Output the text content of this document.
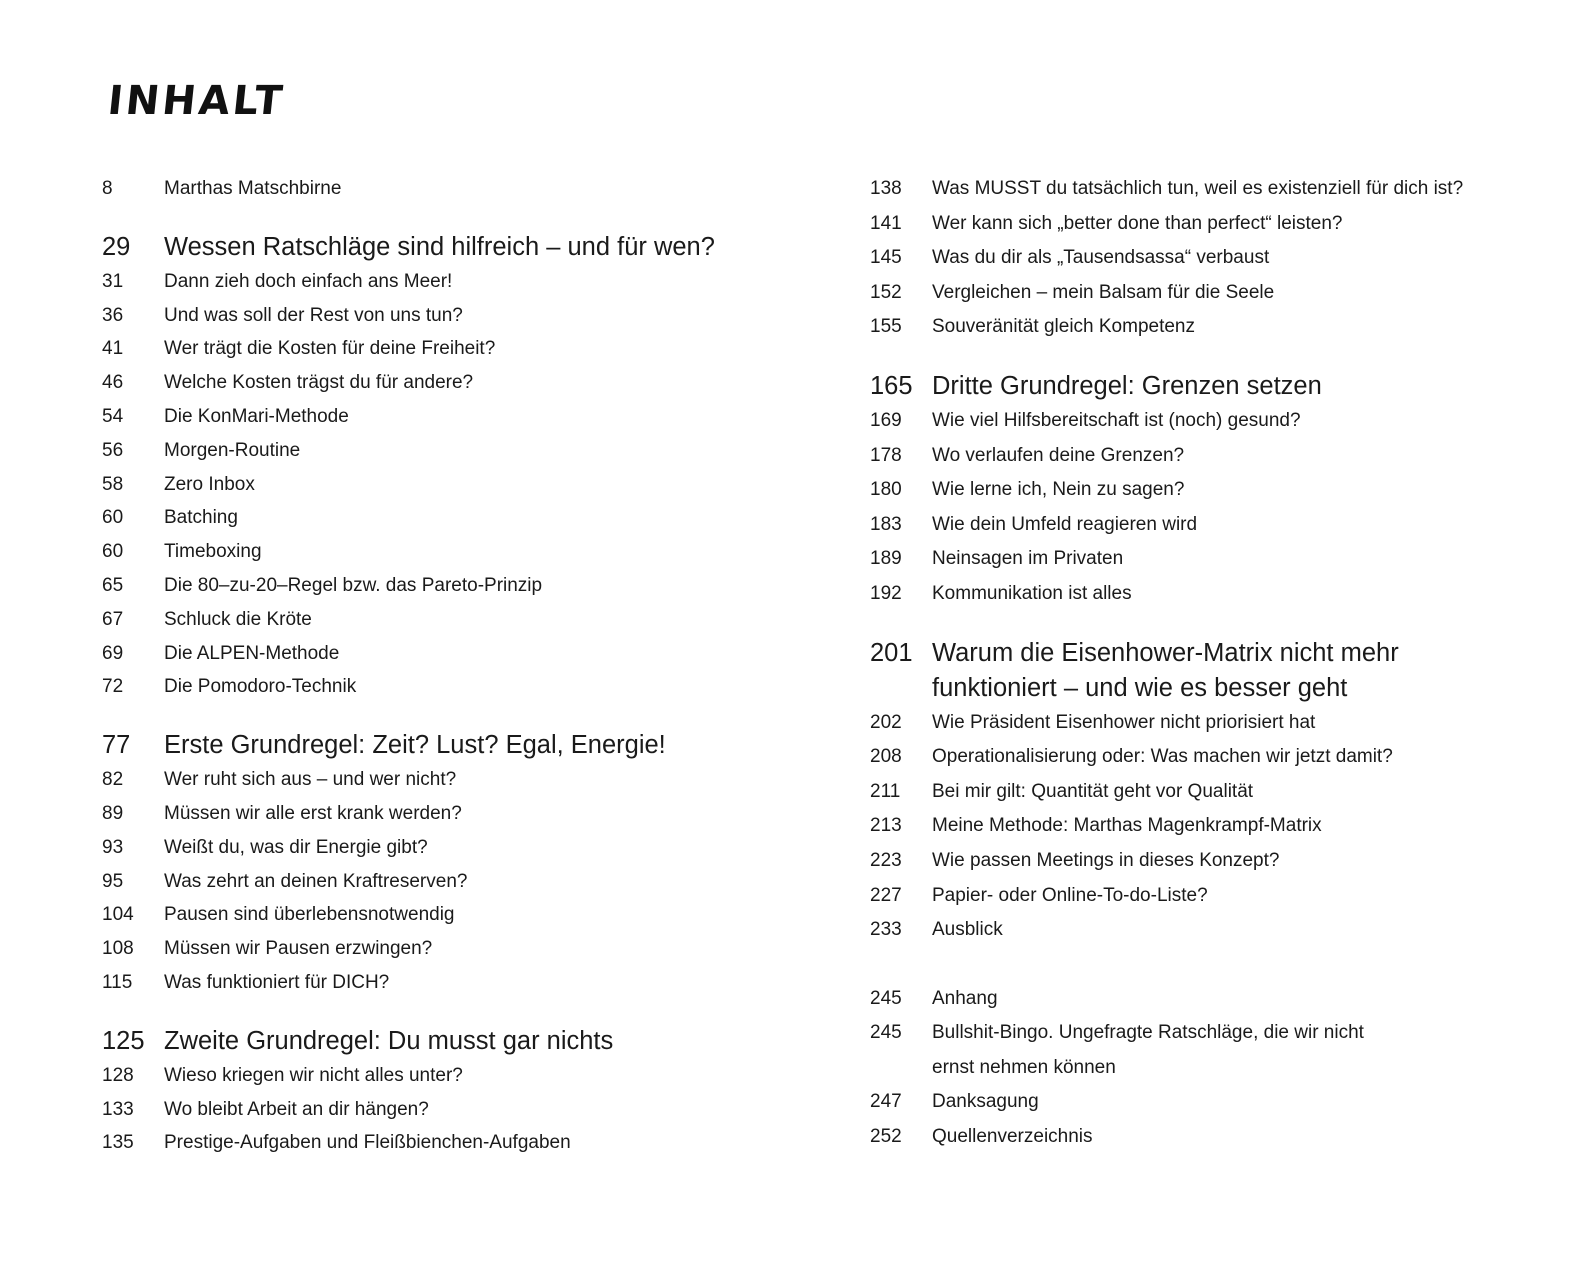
INHALT
8	Marthas Matschbirne
29	Wessen Ratschläge sind hilfreich – und für wen?
31	Dann zieh doch einfach ans Meer!
36	Und was soll der Rest von uns tun?
41	Wer trägt die Kosten für deine Freiheit?
46	Welche Kosten trägst du für andere?
54	Die KonMari-Methode
56	Morgen-Routine
58	Zero Inbox
60	Batching
60	Timeboxing
65	Die 80–zu-20–Regel bzw. das Pareto-Prinzip
67	Schluck die Kröte
69	Die ALPEN-Methode
72	Die Pomodoro-Technik
77	Erste Grundregel: Zeit? Lust? Egal, Energie!
82	Wer ruht sich aus – und wer nicht?
89	Müssen wir alle erst krank werden?
93	Weißt du, was dir Energie gibt?
95	Was zehrt an deinen Kraftreserven?
104	Pausen sind überlebensnotwendig
108	Müssen wir Pausen erzwingen?
115	Was funktioniert für DICH?
125 Zweite Grundregel: Du musst gar nichts
128	Wieso kriegen wir nicht alles unter?
133	Wo bleibt Arbeit an dir hängen?
135	Prestige-Aufgaben und Fleißbienchen-Aufgaben
138	Was MUSST du tatsächlich tun, weil es existenziell für dich ist?
141	Wer kann sich „better done than perfect“ leisten?
145	Was du dir als „Tausendsassa“ verbaust
152	Vergleichen – mein Balsam für die Seele
155	Souveränität gleich Kompetenz
165 Dritte Grundregel: Grenzen setzen
169	Wie viel Hilfsbereitschaft ist (noch) gesund?
178	Wo verlaufen deine Grenzen?
180	Wie lerne ich, Nein zu sagen?
183	Wie dein Umfeld reagieren wird
189	Neinsagen im Privaten
192	Kommunikation ist alles
201 Warum die Eisenhower-Matrix nicht mehr
funktioniert – und wie es besser geht
202	Wie Präsident Eisenhower nicht priorisiert hat
208	Operationalisierung oder: Was machen wir jetzt damit?
211	Bei mir gilt: Quantität geht vor Qualität
213	Meine Methode: Marthas Magenkrampf-Matrix
223	Wie passen Meetings in dieses Konzept?
227	Papier- oder Online-To-do-Liste?
233	Ausblick
245	Anhang
245	Bullshit-Bingo. Ungefragte Ratschläge, die wir nicht
ernst nehmen können
247	Danksagung
252	Quellenverzeichnis
